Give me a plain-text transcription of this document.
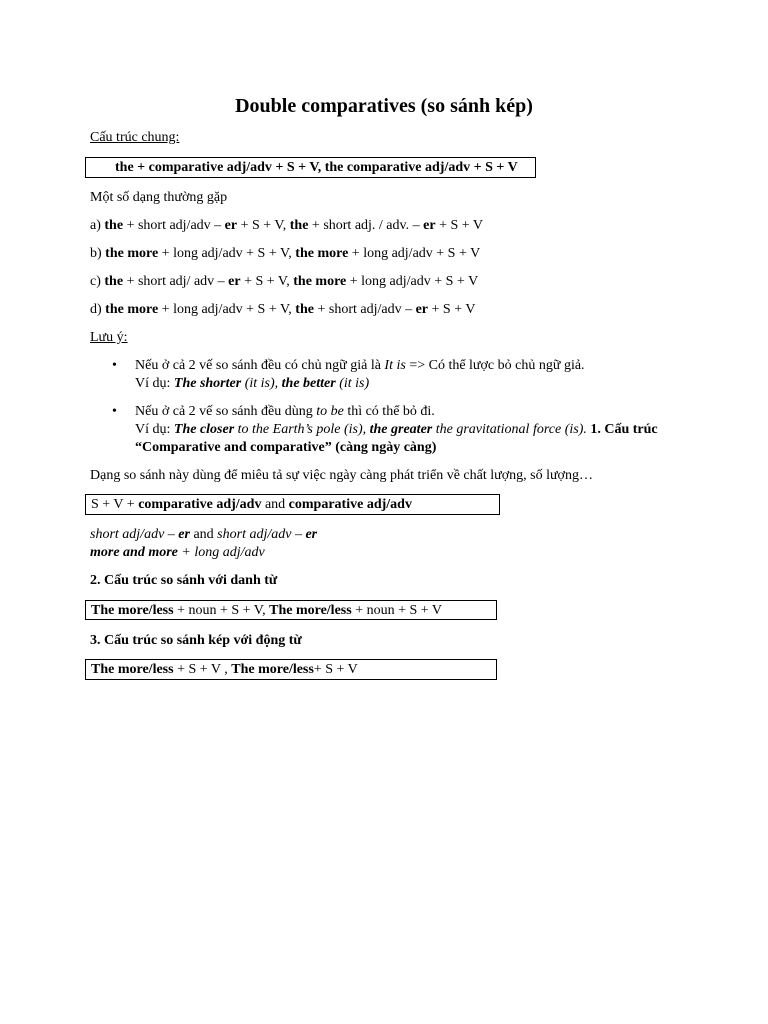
Double comparatives (so sánh kép)
Cấu trúc chung:
the + comparative adj/adv + S + V, the comparative adj/adv + S + V
Một số dạng thường gặp
a) the + short adj/adv – er + S + V, the + short adj. / adv. – er + S + V
b) the more + long adj/adv + S + V, the more + long adj/adv + S + V
c) the + short adj/ adv – er + S + V, the more + long adj/adv + S + V
d) the more + long adj/adv + S + V, the + short adj/adv – er + S + V
Lưu ý:
• Nếu ở cả 2 vế so sánh đều có chủ ngữ giả là It is => Có thể lược bỏ chủ ngữ giả.
Ví dụ: The shorter (it is), the better (it is)
• Nếu ở cả 2 vế so sánh đều dùng to be thì có thể bỏ đi.
Ví dụ: The closer to the Earth’s pole (is), the greater the gravitational force (is). 1. Cấu trúc
“Comparative and comparative” (càng ngày càng)
Dạng so sánh này dùng để miêu tả sự việc ngày càng phát triển về chất lượng, số lượng…
S + V + comparative adj/adv and comparative adj/adv
short adj/adv – er and short adj/adv – er
more and more + long adj/adv
2. Cấu trúc so sánh với danh từ
The more/less + noun + S + V, The more/less + noun + S + V
3. Cấu trúc so sánh kép với động từ
The more/less + S + V , The more/less+ S + V
